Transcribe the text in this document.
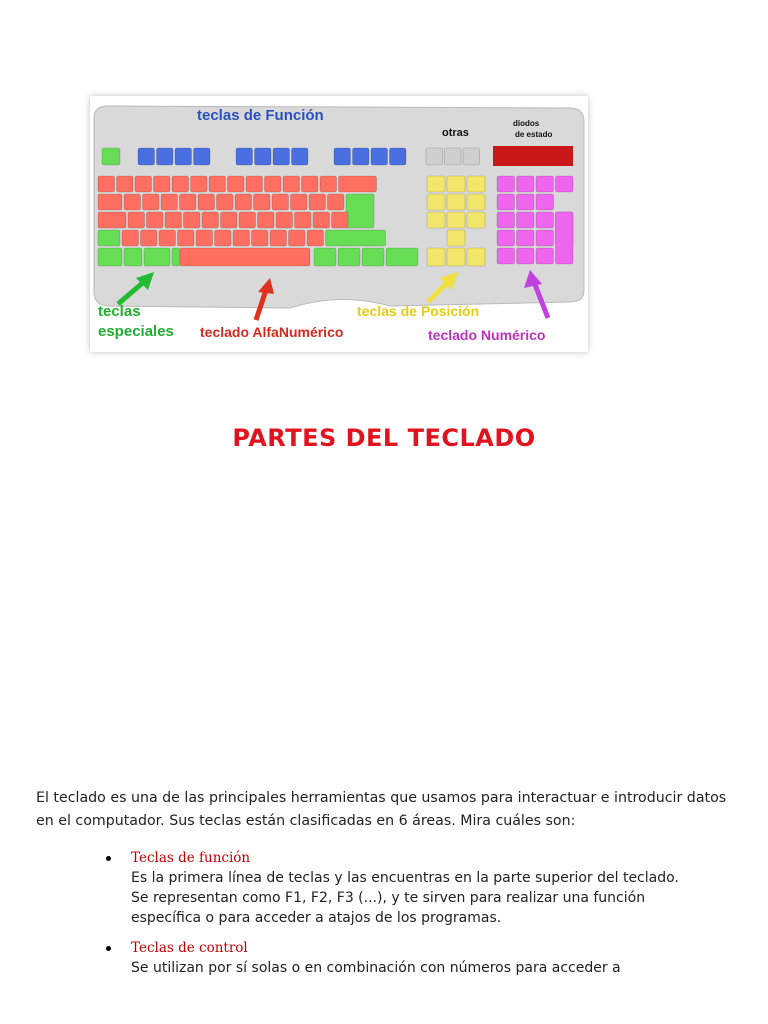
teclas de Función
otras
diodos
de estado
teclas
especiales teclado AlfaNumérico
teclas de Posición
teclado Numérico
PARTES DEL TECLADO

El teclado es una de las principales herramientas que usamos para interactuar e introducir datos en el computador. Sus teclas están clasificadas en 6 áreas. Mira cuáles son:

Teclas de función
Es la primera línea de teclas y las encuentras en la parte superior del teclado. Se representan como F1, F2, F3 (...), y te sirven para realizar una función específica o para acceder a atajos de los programas.
Teclas de control
Se utilizan por sí solas o en combinación con números para acceder a
